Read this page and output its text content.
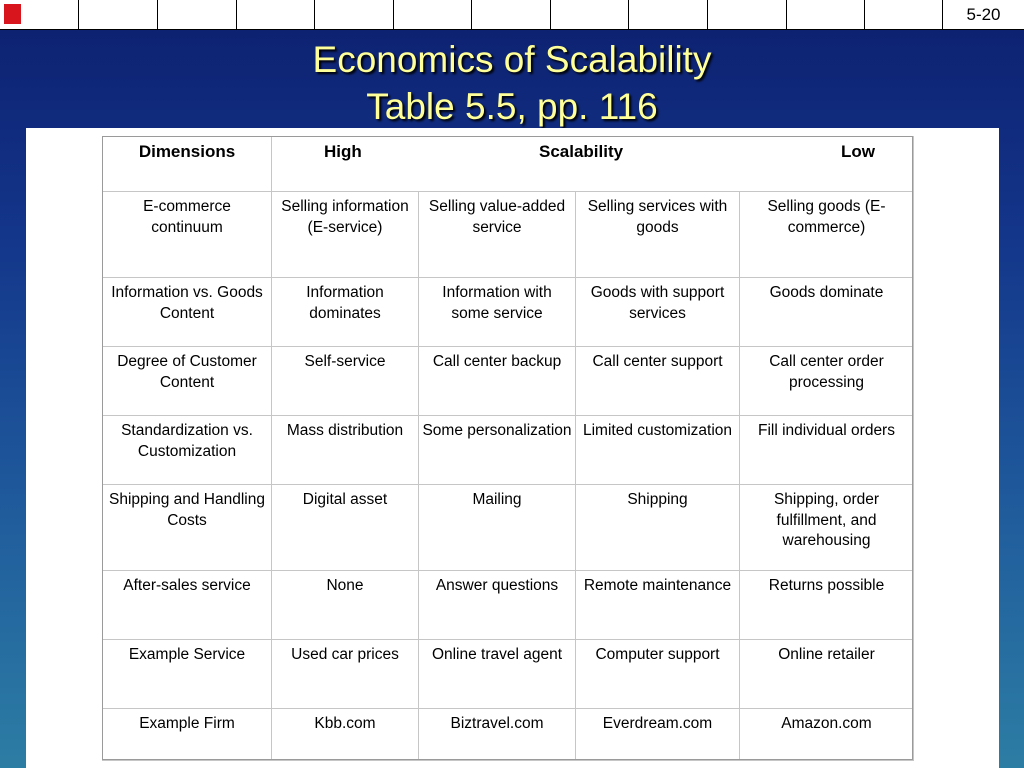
5-20
Economics of Scalability
Table 5.5, pp. 116
Dimensions	High Scalability Low			

E-commerce continuum	Selling information (E-service)	Selling value-added service	Selling services with goods	Selling goods (E-commerce)
Information vs. Goods Content	Information dominates	Information with some service	Goods with support services	Goods dominate
Degree of Customer Content	Self-service	Call center backup	Call center support	Call center order processing
Standardization vs. Customization	Mass distribution	Some personalization	Limited customization	Fill individual orders
Shipping and Handling Costs	Digital asset	Mailing	Shipping	Shipping, order fulfillment, and warehousing
After-sales service	None	Answer questions	Remote maintenance	Returns possible
Example Service	Used car prices	Online travel agent	Computer support	Online retailer
Example Firm	Kbb.com	Biztravel.com	Everdream.com	Amazon.com
